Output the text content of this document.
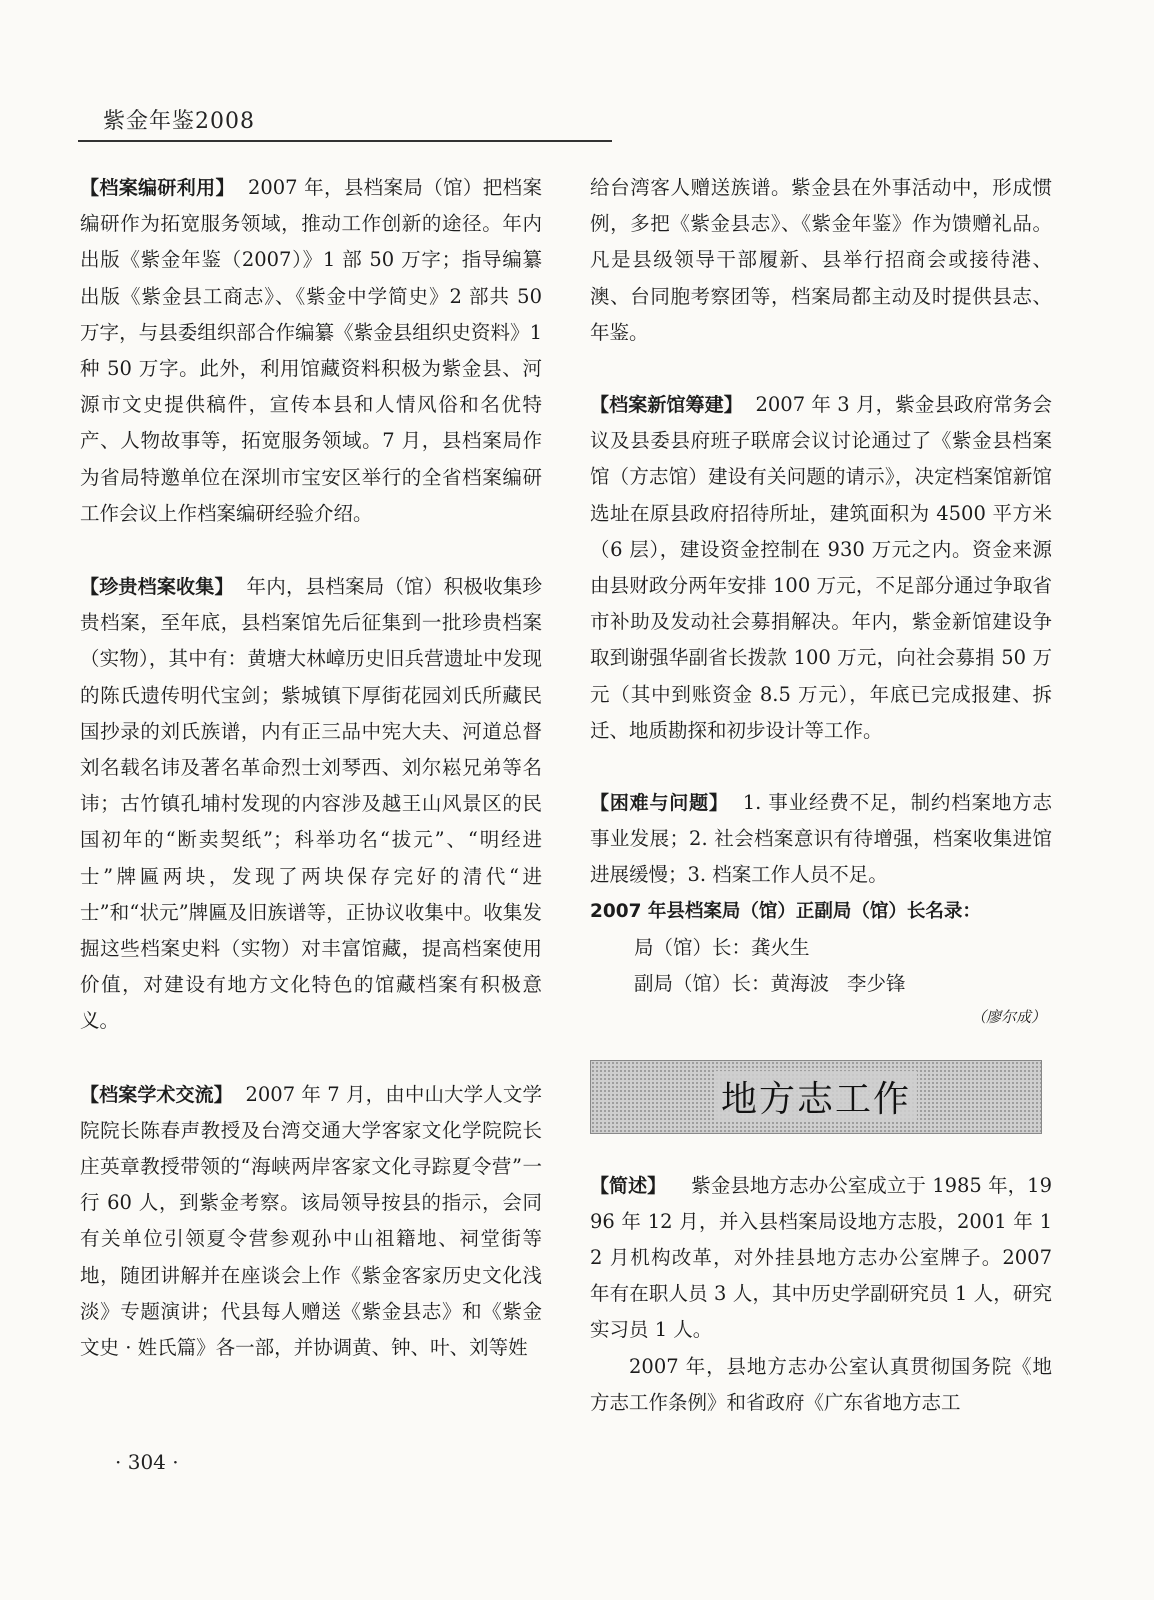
紫金年鉴2008

【档案编研利用】 2007 年，县档案局（馆）把档案编研作为拓宽服务领域，推动工作创新的途径。年内出版《紫金年鉴（2007）》1 部 50 万字；指导编纂出版《紫金县工商志》、《紫金中学简史》2 部共 50 万字，与县委组织部合作编纂《紫金县组织史资料》1 种 50 万字。此外，利用馆藏资料积极为紫金县、河源市文史提供稿件，宣传本县和人情风俗和名优特产、人物故事等，拓宽服务领域。7 月，县档案局作为省局特邀单位在深圳市宝安区举行的全省档案编研工作会议上作档案编研经验介绍。

【珍贵档案收集】 年内，县档案局（馆）积极收集珍贵档案，至年底，县档案馆先后征集到一批珍贵档案（实物），其中有：黄塘大林嶂历史旧兵营遗址中发现的陈氏遗传明代宝剑；紫城镇下厚街花园刘氏所藏民国抄录的刘氏族谱，内有正三品中宪大夫、河道总督刘名载名讳及著名革命烈士刘琴西、刘尔崧兄弟等名讳；古竹镇孔埔村发现的内容涉及越王山风景区的民国初年的“断卖契纸”；科举功名“拔元”、“明经进士”牌匾两块，发现了两块保存完好的清代“进士”和“状元”牌匾及旧族谱等，正协议收集中。收集发掘这些档案史料（实物）对丰富馆藏，提高档案使用价值，对建设有地方文化特色的馆藏档案有积极意义。

【档案学术交流】 2007 年 7 月，由中山大学人文学院院长陈春声教授及台湾交通大学客家文化学院院长庄英章教授带领的“海峡两岸客家文化寻踪夏令营”一行 60 人，到紫金考察。该局领导按县的指示，会同有关单位引领夏令营参观孙中山祖籍地、祠堂街等地，随团讲解并在座谈会上作《紫金客家历史文化浅淡》专题演讲；代县每人赠送《紫金县志》和《紫金文史 · 姓氏篇》各一部，并协调黄、钟、叶、刘等姓

给台湾客人赠送族谱。紫金县在外事活动中，形成惯例，多把《紫金县志》、《紫金年鉴》作为馈赠礼品。凡是县级领导干部履新、县举行招商会或接待港、澳、台同胞考察团等，档案局都主动及时提供县志、年鉴。

【档案新馆筹建】 2007 年 3 月，紫金县政府常务会议及县委县府班子联席会议讨论通过了《紫金县档案馆（方志馆）建设有关问题的请示》，决定档案馆新馆选址在原县政府招待所址，建筑面积为 4500 平方米（6 层），建设资金控制在 930 万元之内。资金来源由县财政分两年安排 100 万元，不足部分通过争取省市补助及发动社会募捐解决。年内，紫金新馆建设争取到谢强华副省长拨款 100 万元，向社会募捐 50 万元（其中到账资金 8.5 万元），年底已完成报建、拆迁、地质勘探和初步设计等工作。

【困难与问题】 1. 事业经费不足，制约档案地方志事业发展；2. 社会档案意识有待增强，档案收集进馆进展缓慢；3. 档案工作人员不足。

2007 年县档案局（馆）正副局（馆）长名录：

局（馆）长：龚火生

副局（馆）长：黄海波 李少锋

（廖尔成）

地方志工作

【简述】 紫金县地方志办公室成立于 1985 年，1996 年 12 月，并入县档案局设地方志股，2001 年 12 月机构改革，对外挂县地方志办公室牌子。2007 年有在职人员 3 人，其中历史学副研究员 1 人，研究实习员 1 人。

2007 年，县地方志办公室认真贯彻国务院《地方志工作条例》和省政府《广东省地方志工

· 304 ·
